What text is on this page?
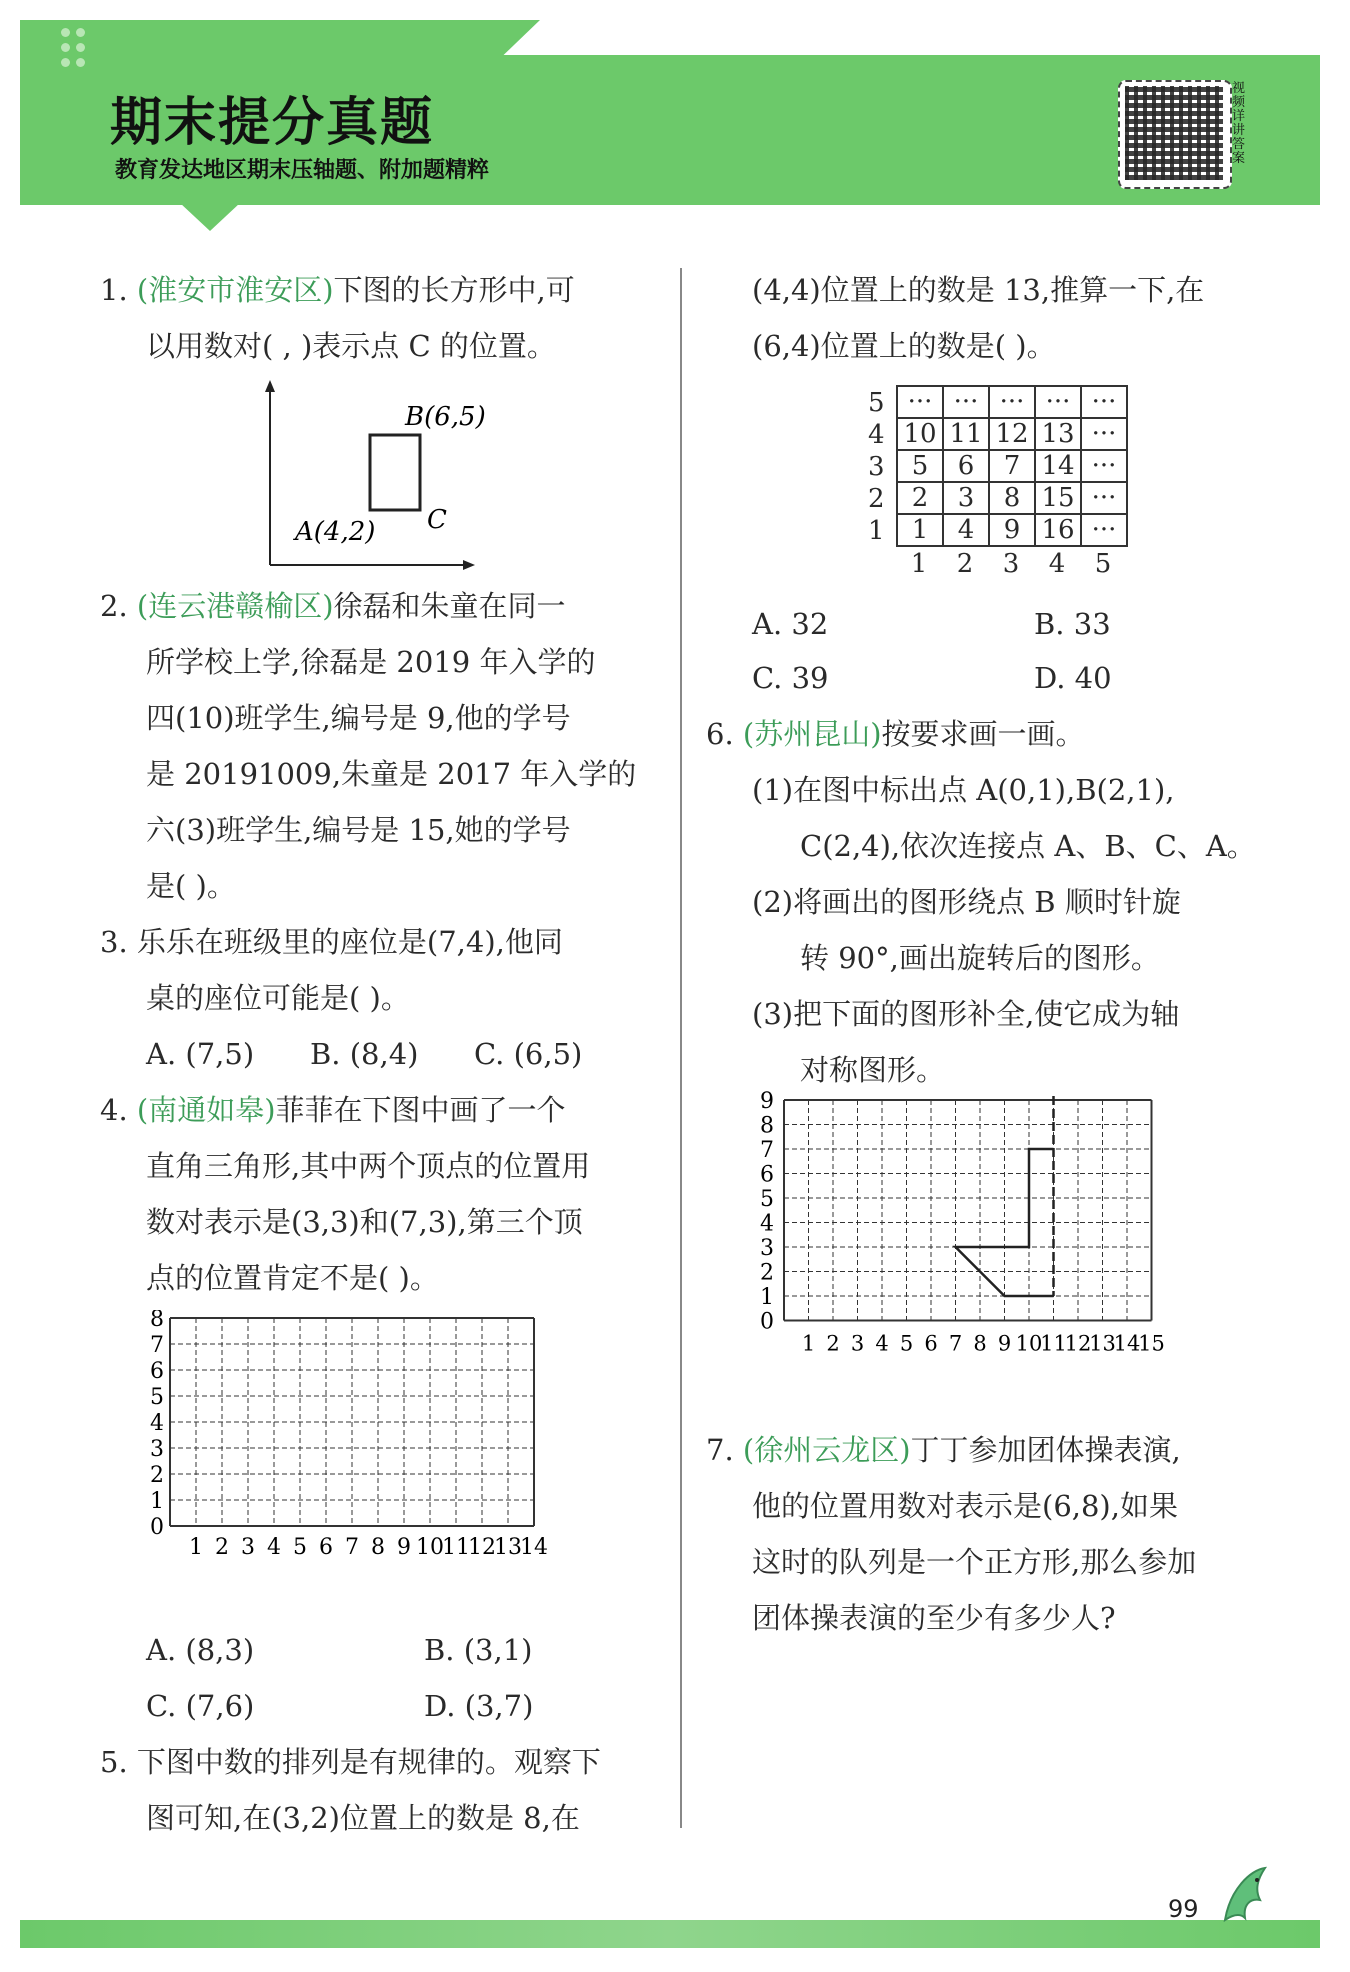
期末提分真题
教育发达地区期末压轴题、附加题精粹
视频详讲答案
1. (淮安市淮安区)下图的长方形中,可
以用数对( , )表示点 C 的位置。
B(6,5)
A(4,2) C
2. (连云港赣榆区)徐磊和朱童在同一
所学校上学,徐磊是 2019 年入学的
四(10)班学生,编号是 9,他的学号
是 20191009,朱童是 2017 年入学的
六(3)班学生,编号是 15,她的学号
是( )。
3. 乐乐在班级里的座位是(7,4),他同
桌的座位可能是( )。
A. (7,5) B. (8,4) C. (6,5)
4. (南通如皋)菲菲在下图中画了一个
直角三角形,其中两个顶点的位置用
数对表示是(3,3)和(7,3),第三个顶
点的位置肯定不是( )。
8
7
6
5
4
3
2
1
0
1 2 3 4 5 6 7 8 9 10
11
12
13
14
A. (8,3)	B. (3,1)
C. (7,6)	D. (3,7)
5. 下图中数的排列是有规律的。观察下
图可知,在(3,2)位置上的数是 8,在
(4,4)位置上的数是 13,推算一下,在
(6,4)位置上的数是( )。
5
4
3
2
1
···	···	···	···	···
10	11	12	13	···
5	6	7	14	···
2	3	8	15	···
1	4	9	16	···
1	2	3	4	5
A. 32	B. 33
C. 39	D. 40
6. (苏州昆山)按要求画一画。
(1)在图中标出点 A(0,1),B(2,1),
C(2,4),依次连接点 A、B、C、A。
(2)将画出的图形绕点 B 顺时针旋
转 90°,画出旋转后的图形。
(3)把下面的图形补全,使它成为轴
对称图形。
9
8
7
6
5
4
3
2
1
0
1 2 3 4 5 6 7 8 9 10
11
12
13
14
15
7. (徐州云龙区)丁丁参加团体操表演,
他的位置用数对表示是(6,8),如果
这时的队列是一个正方形,那么参加
团体操表演的至少有多少人?
99
